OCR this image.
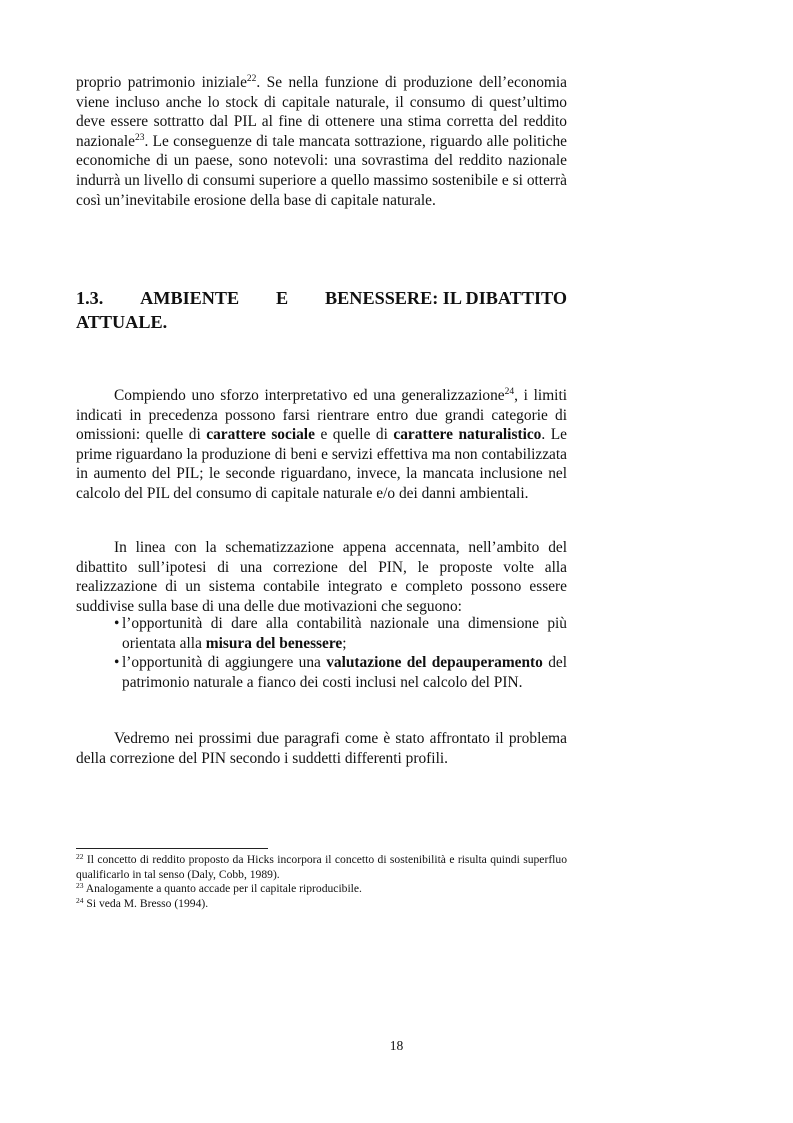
proprio patrimonio iniziale$^{22}$. Se nella funzione di produzione dell’economia viene incluso anche lo stock di capitale naturale, il consumo di quest’ultimo deve essere sottratto dal PIL al fine di ottenere una stima corretta del reddito nazionale$^{23}$. Le conseguenze di tale mancata sottrazione, riguardo alle politiche economiche di un paese, sono notevoli: una sovrastima del reddito nazionale indurrà un livello di consumi superiore a quello massimo sostenibile e si otterrà così un’inevitabile erosione della base di capitale naturale.

1.3. AMBIENTE E BENESSERE: IL DIBATTITO
ATTUALE.

Compiendo uno sforzo interpretativo ed una generalizzazione$^{24}$, i limiti indicati in precedenza possono farsi rientrare entro due grandi categorie di omissioni: quelle di carattere sociale e quelle di carattere naturalistico. Le prime riguardano la produzione di beni e servizi effettiva ma non contabilizzata in aumento del PIL; le seconde riguardano, invece, la mancata inclusione nel calcolo del PIL del consumo di capitale naturale e/o dei danni ambientali.

In linea con la schematizzazione appena accennata, nell’ambito del dibattito sull’ipotesi di una correzione del PIN, le proposte volte alla realizzazione di un sistema contabile integrato e completo possono essere suddivise sulla base di una delle due motivazioni che seguono:

• l’opportunità di dare alla contabilità nazionale una dimensione più orientata alla misura del benessere;
• l’opportunità di aggiungere una valutazione del depauperamento del patrimonio naturale a fianco dei costi inclusi nel calcolo del PIN.

Vedremo nei prossimi due paragrafi come è stato affrontato il problema della correzione del PIN secondo i suddetti differenti profili.

$^{22}$ Il concetto di reddito proposto da Hicks incorpora il concetto di sostenibilità e risulta quindi superfluo qualificarlo in tal senso (Daly, Cobb, 1989).

$^{23}$ Analogamente a quanto accade per il capitale riproducibile.

$^{24}$ Si veda M. Bresso (1994).

18
